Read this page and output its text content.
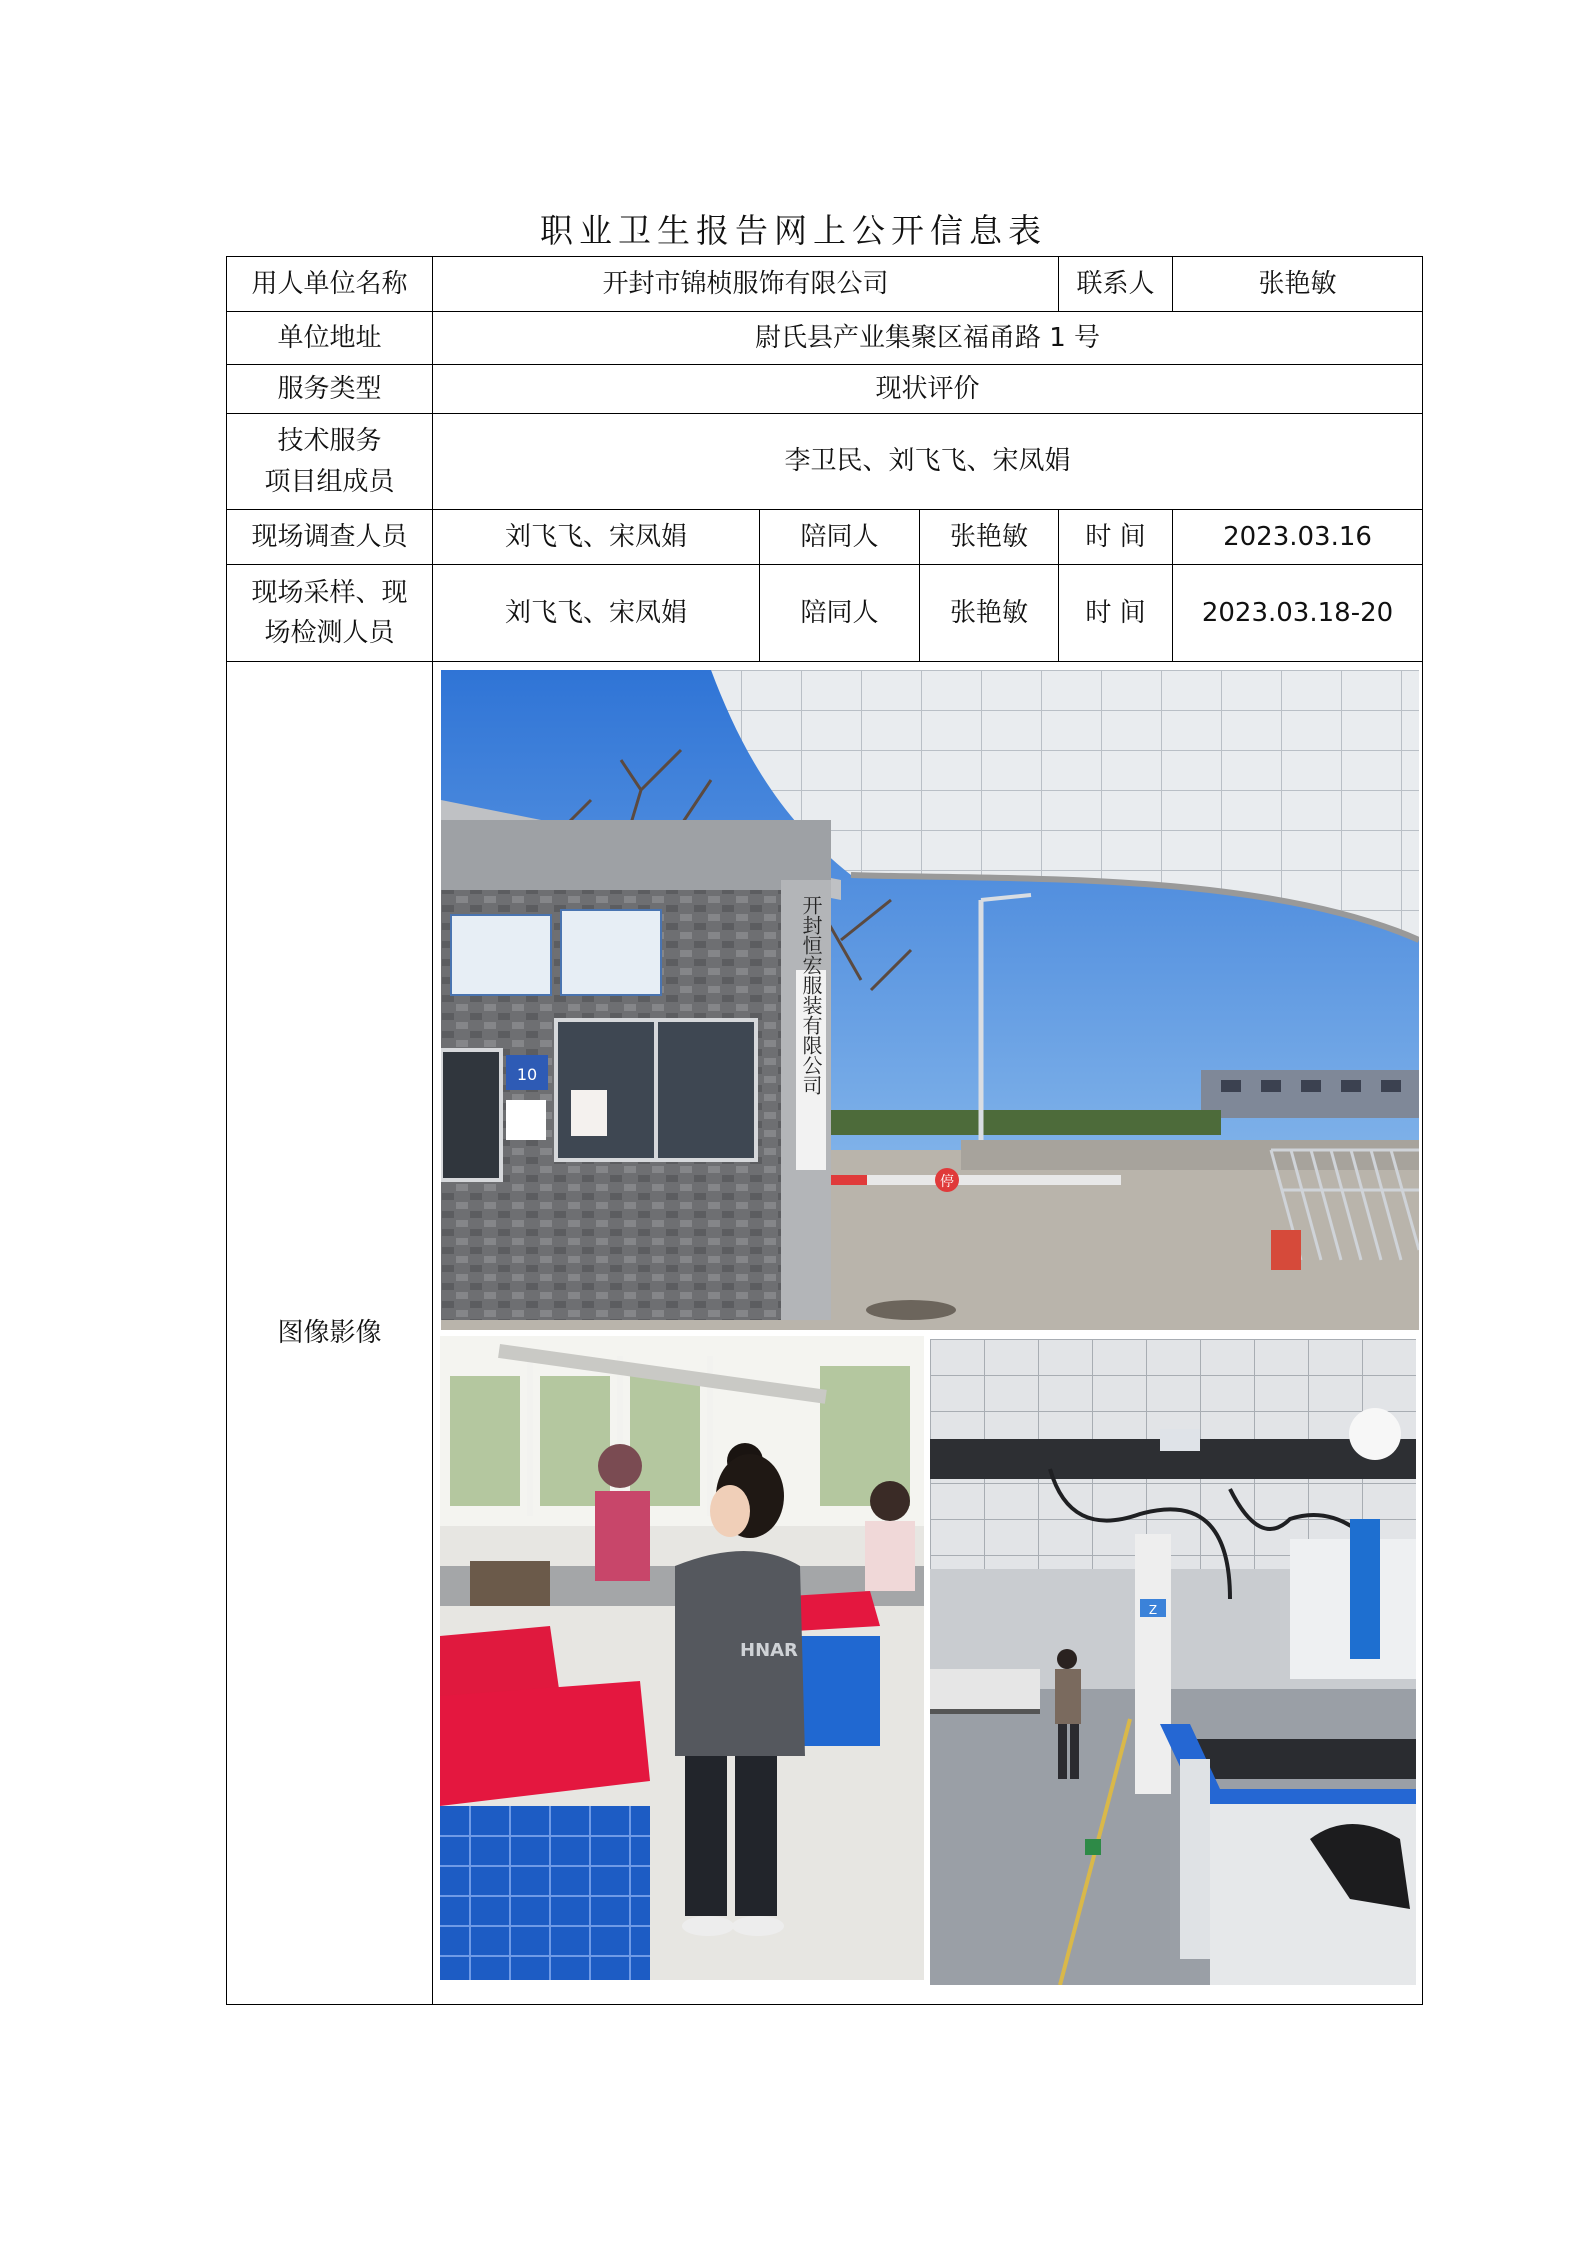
职业卫生报告网上公开信息表
用人单位名称	开封市锦桢服饰有限公司			联系人	张艳敏
单位地址	尉氏县产业集聚区福甬路 1 号				
服务类型	现状评价				

技术服务
项目组成员	李卫民、刘飞飞、宋凤娟				
现场调查人员	刘飞飞、宋凤娟	陪同人	张艳敏	时 间	2023.03.16

现场采样、现
场检测人员	刘飞飞、宋凤娟	陪同人	张艳敏	时 间	2023.03.18-20
图像影像	停
开封恒宏服装有限公司
10
HNAR
Z				
